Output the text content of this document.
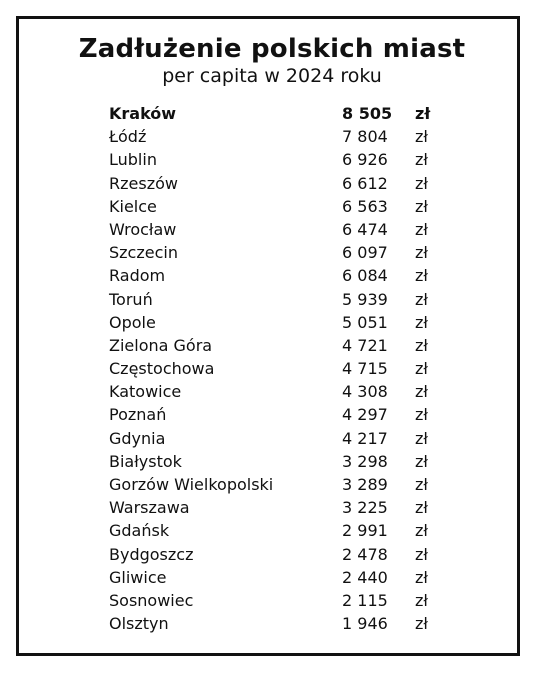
Zadłużenie polskich miast
per capita w 2024 roku
Kraków	8 505 zł
Łódź	7 804 zł
Lublin	6 926 zł
Rzeszów	6 612 zł
Kielce	6 563 zł
Wrocław	6 474 zł
Szczecin	6 097 zł
Radom	6 084 zł
Toruń	5 939 zł
Opole	5 051 zł
Zielona Góra	4 721 zł
Częstochowa	4 715 zł
Katowice	4 308 zł
Poznań	4 297 zł
Gdynia	4 217 zł
Białystok	3 298 zł
Gorzów Wielkopolski	3 289 zł
Warszawa	3 225 zł
Gdańsk	2 991 zł
Bydgoszcz	2 478 zł
Gliwice	2 440 zł
Sosnowiec	2 115 zł
Olsztyn	1 946 zł
